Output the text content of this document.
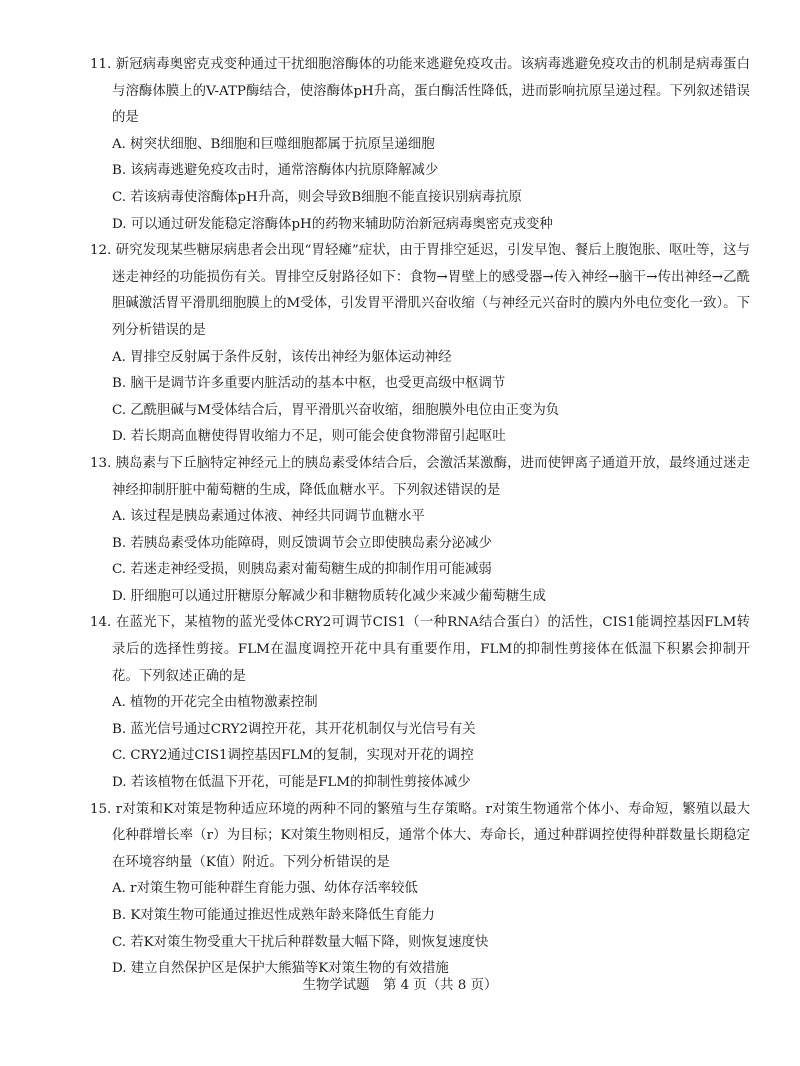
11. 新冠病毒奥密克戎变种通过干扰细胞溶酶体的功能来逃避免疫攻击。该病毒逃避免疫攻击的机制是病毒蛋白与溶酶体膜上的V-ATP酶结合，使溶酶体pH升高，蛋白酶活性降低，进而影响抗原呈递过程。下列叙述错误的是

A. 树突状细胞、B细胞和巨噬细胞都属于抗原呈递细胞

B. 该病毒逃避免疫攻击时，通常溶酶体内抗原降解减少

C. 若该病毒使溶酶体pH升高，则会导致B细胞不能直接识别病毒抗原

D. 可以通过研发能稳定溶酶体pH的药物来辅助防治新冠病毒奥密克戎变种

12. 研究发现某些糖尿病患者会出现“胃轻瘫”症状，由于胃排空延迟，引发早饱、餐后上腹饱胀、呕吐等，这与迷走神经的功能损伤有关。胃排空反射路径如下：食物→胃壁上的感受器→传入神经→脑干→传出神经→乙酰胆碱激活胃平滑肌细胞膜上的M受体，引发胃平滑肌兴奋收缩（与神经元兴奋时的膜内外电位变化一致）。下列分析错误的是

A. 胃排空反射属于条件反射，该传出神经为躯体运动神经

B. 脑干是调节许多重要内脏活动的基本中枢，也受更高级中枢调节

C. 乙酰胆碱与M受体结合后，胃平滑肌兴奋收缩，细胞膜外电位由正变为负

D. 若长期高血糖使得胃收缩力不足，则可能会使食物滞留引起呕吐

13. 胰岛素与下丘脑特定神经元上的胰岛素受体结合后，会激活某激酶，进而使钾离子通道开放，最终通过迷走神经抑制肝脏中葡萄糖的生成，降低血糖水平。下列叙述错误的是

A. 该过程是胰岛素通过体液、神经共同调节血糖水平

B. 若胰岛素受体功能障碍，则反馈调节会立即使胰岛素分泌减少

C. 若迷走神经受损，则胰岛素对葡萄糖生成的抑制作用可能减弱

D. 肝细胞可以通过肝糖原分解减少和非糖物质转化减少来减少葡萄糖生成

14. 在蓝光下，某植物的蓝光受体CRY2可调节CIS1（一种RNA结合蛋白）的活性，CIS1能调控基因FLM转录后的选择性剪接。FLM在温度调控开花中具有重要作用，FLM的抑制性剪接体在低温下积累会抑制开花。下列叙述正确的是

A. 植物的开花完全由植物激素控制

B. 蓝光信号通过CRY2调控开花，其开花机制仅与光信号有关

C. CRY2通过CIS1调控基因FLM的复制，实现对开花的调控

D. 若该植物在低温下开花，可能是FLM的抑制性剪接体减少

15. r对策和K对策是物种适应环境的两种不同的繁殖与生存策略。r对策生物通常个体小、寿命短，繁殖以最大化种群增长率（r）为目标；K对策生物则相反，通常个体大、寿命长，通过种群调控使得种群数量长期稳定在环境容纳量（K值）附近。下列分析错误的是

A. r对策生物可能种群生育能力强、幼体存活率较低

B. K对策生物可能通过推迟性成熟年龄来降低生育能力

C. 若K对策生物受重大干扰后种群数量大幅下降，则恢复速度快

D. 建立自然保护区是保护大熊猫等K对策生物的有效措施

生物学试题　第 4 页（共 8 页）
